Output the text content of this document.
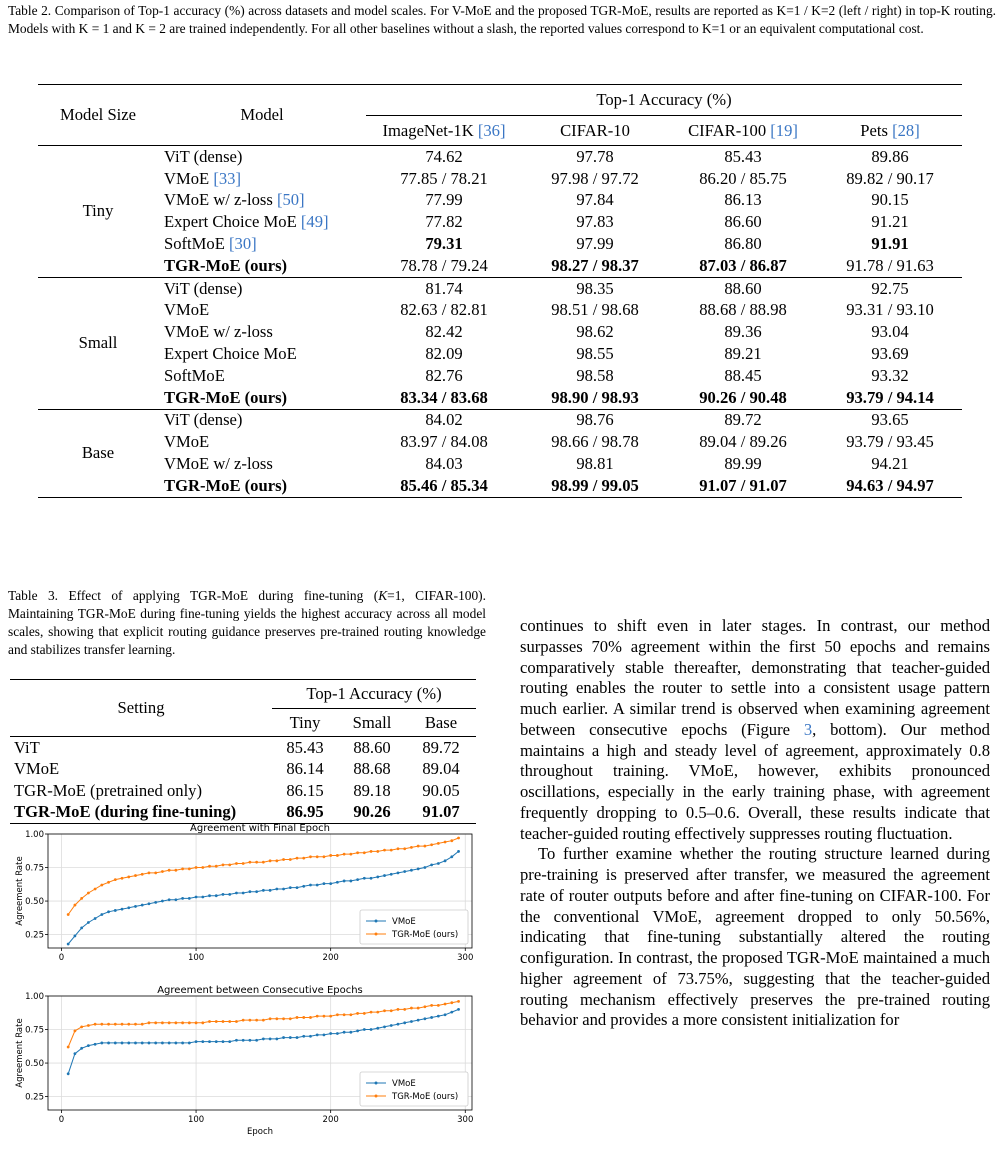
Table 2. Comparison of Top-1 accuracy (%) across datasets and model scales. For V-MoE and the proposed TGR-MoE, results are reported as K=1 / K=2 (left / right) in top-K routing. Models with K = 1 and K = 2 are trained independently. For all other baselines without a slash, the reported values correspond to K=1 or an equivalent computational cost.
Model Size	Model	Top-1 Accuracy (%)			
		ImageNet-1K [36]	CIFAR-10	CIFAR-100 [19]	Pets [28]
Tiny	ViT (dense)	74.62	97.78	85.43	89.86
	VMoE [33]	77.85 / 78.21	97.98 / 97.72	86.20 / 85.75	89.82 / 90.17
	VMoE w/ z-loss [50]	77.99	97.84	86.13	90.15
	Expert Choice MoE [49]	77.82	97.83	86.60	91.21
	SoftMoE [30]	79.31	97.99	86.80	91.91
	TGR-MoE (ours)	78.78 / 79.24	98.27 / 98.37	87.03 / 86.87	91.78 / 91.63
Small	ViT (dense)	81.74	98.35	88.60	92.75
	VMoE	82.63 / 82.81	98.51 / 98.68	88.68 / 88.98	93.31 / 93.10
	VMoE w/ z-loss	82.42	98.62	89.36	93.04
	Expert Choice MoE	82.09	98.55	89.21	93.69
	SoftMoE	82.76	98.58	88.45	93.32
	TGR-MoE (ours)	83.34 / 83.68	98.90 / 98.93	90.26 / 90.48	93.79 / 94.14
Base	ViT (dense)	84.02	98.76	89.72	93.65
	VMoE	83.97 / 84.08	98.66 / 98.78	89.04 / 89.26	93.79 / 93.45
	VMoE w/ z-loss	84.03	98.81	89.99	94.21
	TGR-MoE (ours)	85.46 / 85.34	98.99 / 99.05	91.07 / 91.07	94.63 / 94.97
Table 3. Effect of applying TGR-MoE during fine-tuning (K=1, CIFAR-100). Maintaining TGR-MoE during fine-tuning yields the highest accuracy across all model scales, showing that explicit routing guidance preserves pre-trained routing knowledge and stabilizes transfer learning.
Setting	Top-1 Accuracy (%)		
	Tiny	Small	Base
ViT	85.43	88.60	89.72
VMoE	86.14	88.68	89.04
TGR-MoE (pretrained only)	86.15	89.18	90.05
TGR-MoE (during fine-tuning)	86.95	90.26	91.07

continues to shift even in later stages. In contrast, our method surpasses 70% agreement within the first 50 epochs and remains comparatively stable thereafter, demonstrating that teacher-guided routing enables the router to settle into a consistent usage pattern much earlier. A similar trend is observed when examining agreement between consecutive epochs (Figure 3, bottom). Our method maintains a high and steady level of agreement, approximately 0.8 throughout training. VMoE, however, exhibits pronounced oscillations, especially in the early training phase, with agreement frequently dropping to 0.5–0.6. Overall, these results indicate that teacher-guided routing effectively suppresses routing fluctuation.

To further examine whether the routing structure learned during pre-training is preserved after transfer, we measured the agreement rate of router outputs before and after fine-tuning on CIFAR-100. For the conventional VMoE, agreement dropped to only 50.56%, indicating that fine-tuning substantially altered the routing configuration. In contrast, the proposed TGR-MoE maintained a much higher agreement of 73.75%, suggesting that the teacher-guided routing mechanism effectively preserves the pre-trained routing behavior and provides a more consistent initialization for

0	100	200	300
0.25
0.50
0.75
1.00
Agreement with Final Epoch
Agreement Rate	VMoE
TGR-MoE (ours)
0	100	200	300
0.25
0.50
0.75
1.00
Agreement between Consecutive Epochs
Agreement Rate
Epoch
VMoE
TGR-MoE (ours)
